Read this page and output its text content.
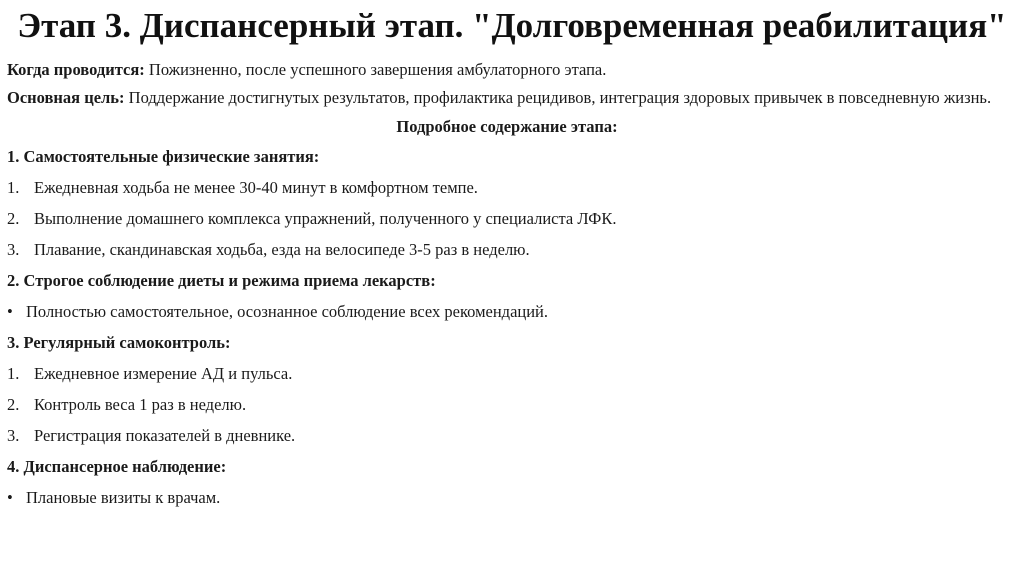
Этап 3. Диспансерный этап. "Долговременная реабилитация"

Когда проводится: Пожизненно, после успешного завершения амбулаторного этапа.

Основная цель: Поддержание достигнутых результатов, профилактика рецидивов, интеграция здоровых привычек в повседневную жизнь.

Подробное содержание этапа:
1. Самостоятельные физические занятия:
1. Ежедневная ходьба не менее 30-40 минут в комфортном темпе.
2. Выполнение домашнего комплекса упражнений, полученного у специалиста ЛФК.
3. Плавание, скандинавская ходьба, езда на велосипеде 3-5 раз в неделю.
2. Строгое соблюдение диеты и режима приема лекарств:
• Полностью самостоятельное, осознанное соблюдение всех рекомендаций.
3. Регулярный самоконтроль:
1. Ежедневное измерение АД и пульса.
2. Контроль веса 1 раз в неделю.
3. Регистрация показателей в дневнике.
4. Диспансерное наблюдение:
• Плановые визиты к врачам.
